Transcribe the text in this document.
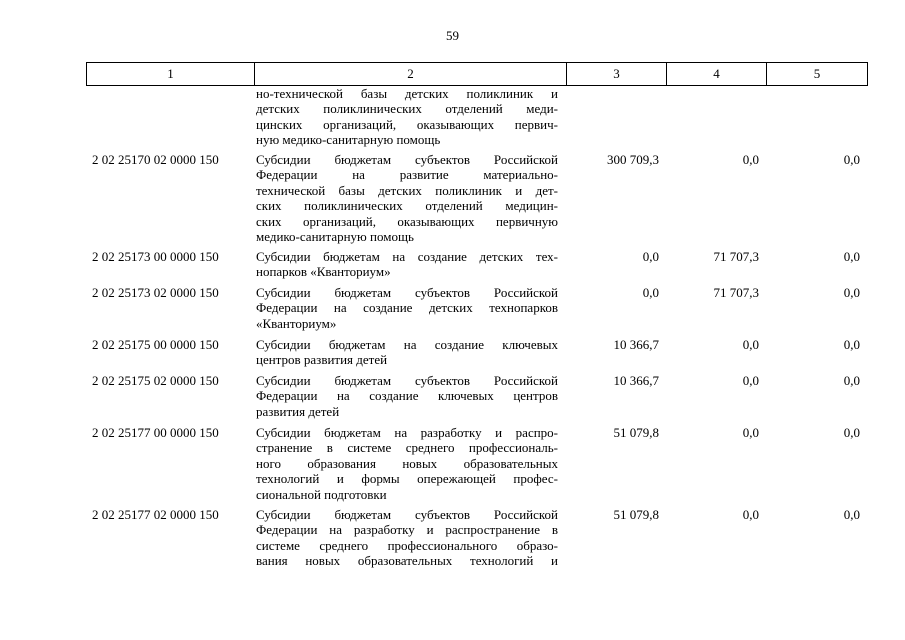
59
1	2	3	4	5
но-технической базы детских поликлиник и
детских поликлинических отделений меди-
цинских организаций, оказывающих первич-
ную медико-санитарную помощь
2 02 25170 02 0000 150	Субсидии бюджетам субъектов Российской
Федерации на развитие материально-
технической базы детских поликлиник и дет-
ских поликлинических отделений медицин-
ских организаций, оказывающих первичную
медико-санитарную помощь
300 709,3	0,0	0,0
2 02 25173 00 0000 150	Субсидии бюджетам на создание детских тех-
нопарков «Кванториум»
0,0	71 707,3	0,0
2 02 25173 02 0000 150	Субсидии бюджетам субъектов Российской
Федерации на создание детских технопарков
«Кванториум»
0,0	71 707,3	0,0
2 02 25175 00 0000 150	Субсидии бюджетам на создание ключевых
центров развития детей
10 366,7	0,0	0,0
2 02 25175 02 0000 150	Субсидии бюджетам субъектов Российской
Федерации на создание ключевых центров
развития детей
10 366,7	0,0	0,0
2 02 25177 00 0000 150	Субсидии бюджетам на разработку и распро-
странение в системе среднего профессиональ-
ного образования новых образовательных
технологий и формы опережающей профес-
сиональной подготовки
51 079,8	0,0	0,0
2 02 25177 02 0000 150	Субсидии бюджетам субъектов Российской
Федерации на разработку и распространение в
системе среднего профессионального образо-
вания новых образовательных технологий и
51 079,8	0,0	0,0
